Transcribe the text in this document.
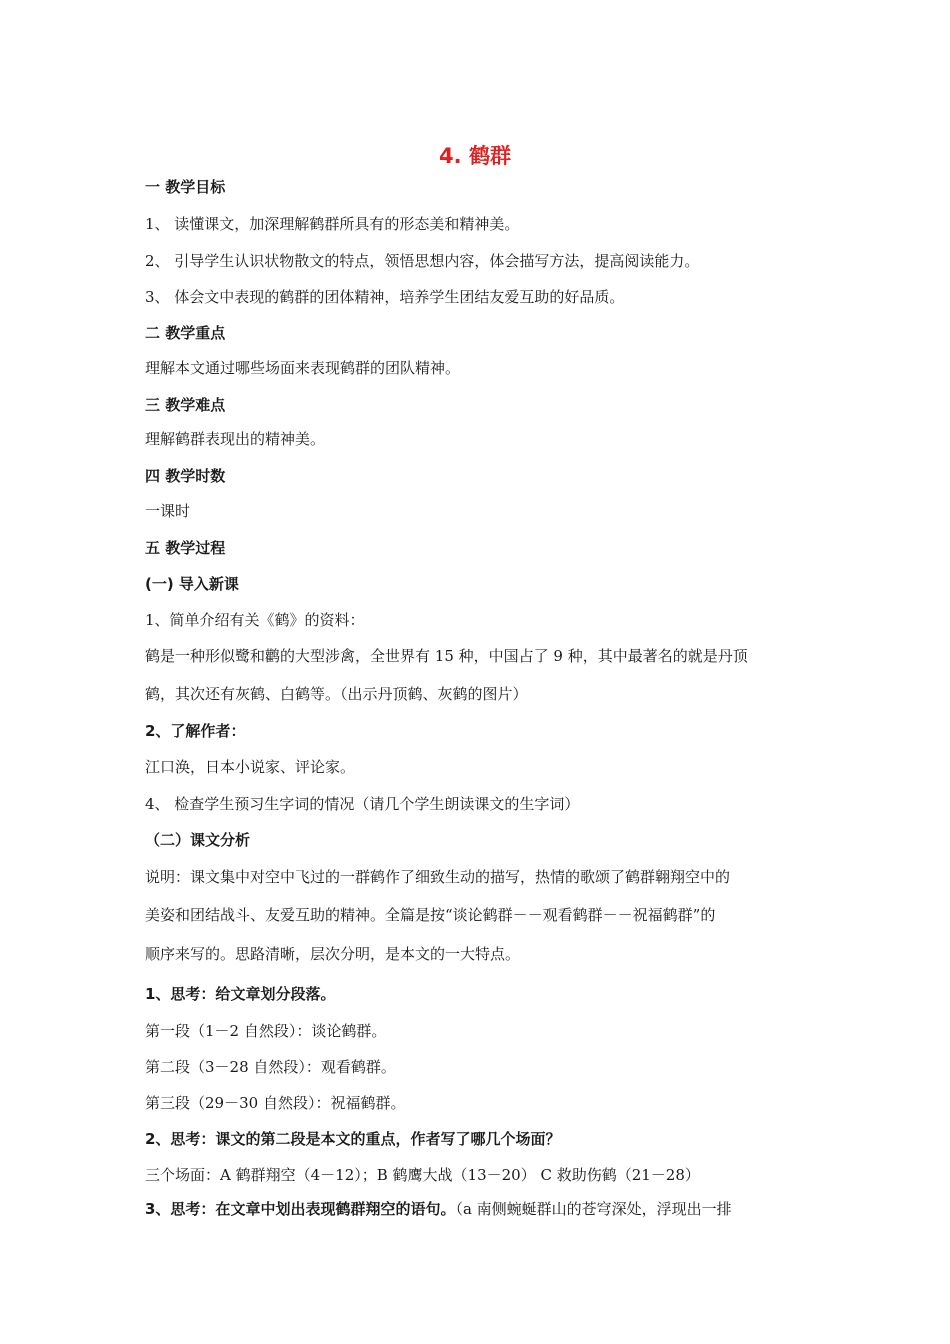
4. 鹤群
一 教学目标
1、 读懂课文，加深理解鹤群所具有的形态美和精神美。
2、 引导学生认识状物散文的特点，领悟思想内容，体会描写方法，提高阅读能力。
3、 体会文中表现的鹤群的团体精神，培养学生团结友爱互助的好品质。
二 教学重点
理解本文通过哪些场面来表现鹤群的团队精神。
三 教学难点
理解鹤群表现出的精神美。
四 教学时数
一课时
五 教学过程
(一) 导入新课
1、简单介绍有关《鹤》的资料：
鹤是一种形似鹭和鹳的大型涉禽，全世界有 15 种，中国占了 9 种，其中最著名的就是丹顶
鹤，其次还有灰鹤、白鹤等。（出示丹顶鹤、灰鹤的图片）
2、了解作者：
江口涣，日本小说家、评论家。
4、 检查学生预习生字词的情况（请几个学生朗读课文的生字词）
（二）课文分析
说明：课文集中对空中飞过的一群鹤作了细致生动的描写，热情的歌颂了鹤群翱翔空中的
美姿和团结战斗、友爱互助的精神。全篇是按“谈论鹤群－－观看鹤群－－祝福鹤群”的
顺序来写的。思路清晰，层次分明，是本文的一大特点。
1、思考：给文章划分段落。
第一段（1－2 自然段）：谈论鹤群。
第二段（3－28 自然段）：观看鹤群。
第三段（29－30 自然段）：祝福鹤群。
2、思考：课文的第二段是本文的重点，作者写了哪几个场面？
三个场面：A 鹤群翔空（4－12）；B 鹤鹰大战（13－20） C 救助伤鹤（21－28）
3、思考：在文章中划出表现鹤群翔空的语句。（a 南侧蜿蜒群山的苍穹深处，浮现出一排
